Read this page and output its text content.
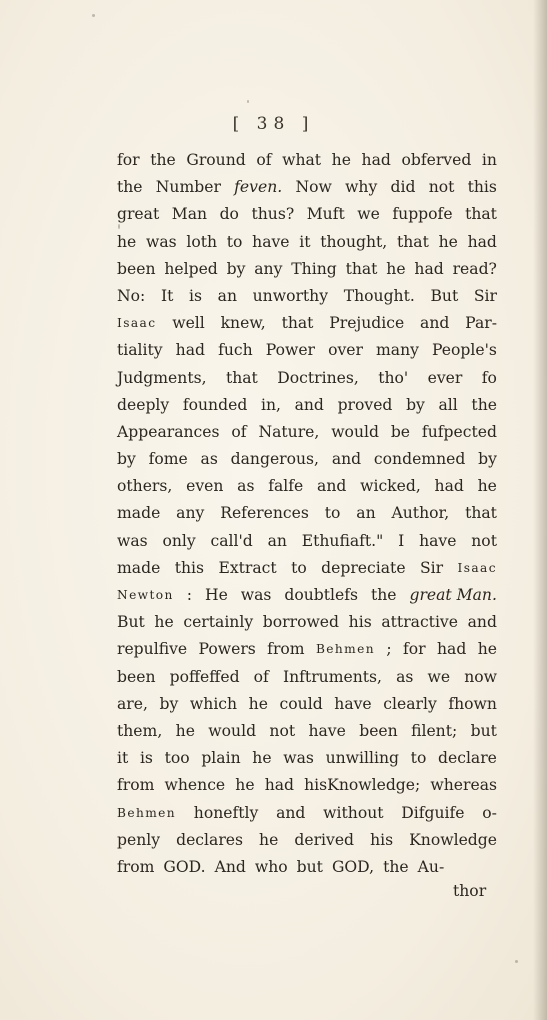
[ 38 ]
for the Ground of what he had obferved in
the Number feven. Now why did not this
great Man do thus? Muft we fuppofe that
he was loth to have it thought, that he had
been helped by any Thing that he had read?
No: It is an unworthy Thought. But Sir
Isaac well knew, that Prejudice and Par-
tiality had fuch Power over many People's
Judgments, that Doctrines, tho' ever fo
deeply founded in, and proved by all the
Appearances of Nature, would be fufpected
by fome as dangerous, and condemned by
others, even as falfe and wicked, had he
made any References to an Author, that
was only call'd an Ethufiaft." I have not
made this Extract to depreciate Sir Isaac
Newton : He was doubtlefs the great Man.
But he certainly borrowed his attractive and
repulfive Powers from Behmen ; for had he
been poffeffed of Inftruments, as we now
are, by which he could have clearly fhown
them, he would not have been filent; but
it is too plain he was unwilling to declare
from whence he had hisKnowledge; whereas
Behmen honeftly and without Difguife o-
penly declares he derived his Knowledge
from GOD. And who but GOD, the Au-
thor
